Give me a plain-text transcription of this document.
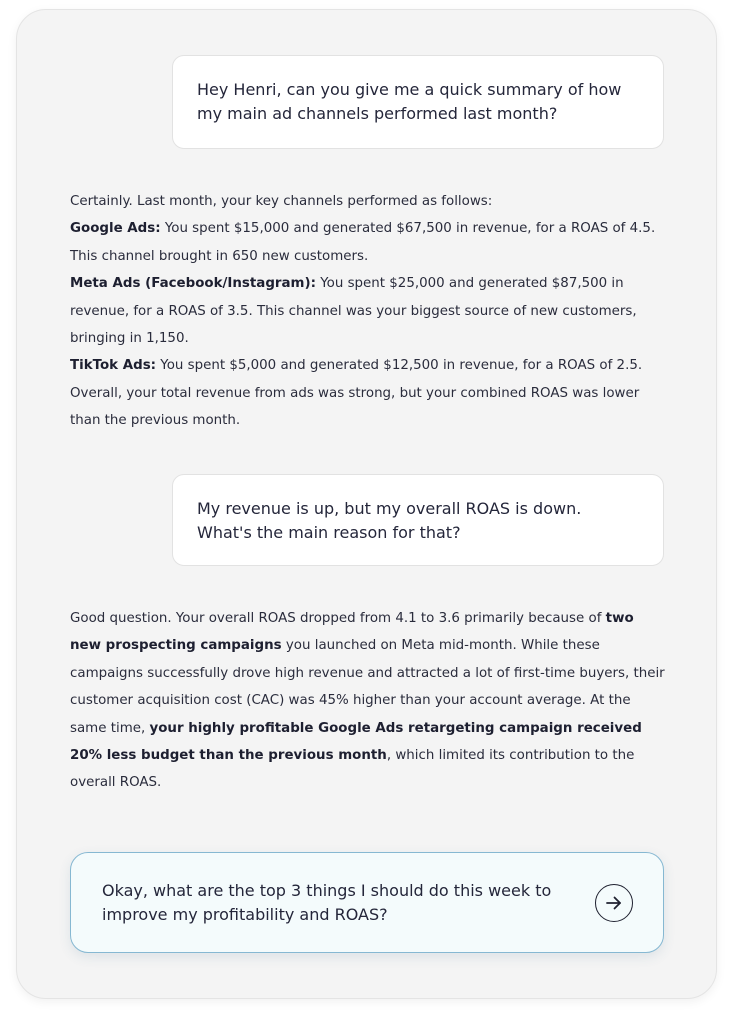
Hey Henri, can you give me a quick summary of how my main ad channels performed last month?

Certainly. Last month, your key channels performed as follows:

Google Ads: You spent $15,000 and generated $67,500 in revenue, for a ROAS of 4.5. This channel brought in 650 new customers.

Meta Ads (Facebook/Instagram): You spent $25,000 and generated $87,500 in revenue, for a ROAS of 3.5. This channel was your biggest source of new customers, bringing in 1,150.

TikTok Ads: You spent $5,000 and generated $12,500 in revenue, for a ROAS of 2.5.

Overall, your total revenue from ads was strong, but your combined ROAS was lower than the previous month.

My revenue is up, but my overall ROAS is down. What's the main reason for that?

Good question. Your overall ROAS dropped from 4.1 to 3.6 primarily because of two new prospecting campaigns you launched on Meta mid-month. While these campaigns successfully drove high revenue and attracted a lot of first-time buyers, their customer acquisition cost (CAC) was 45% higher than your account average. At the same time, your highly profitable Google Ads retargeting campaign received 20% less budget than the previous month, which limited its contribution to the overall ROAS.

Okay, what are the top 3 things I should do this week to improve my profitability and ROAS?
